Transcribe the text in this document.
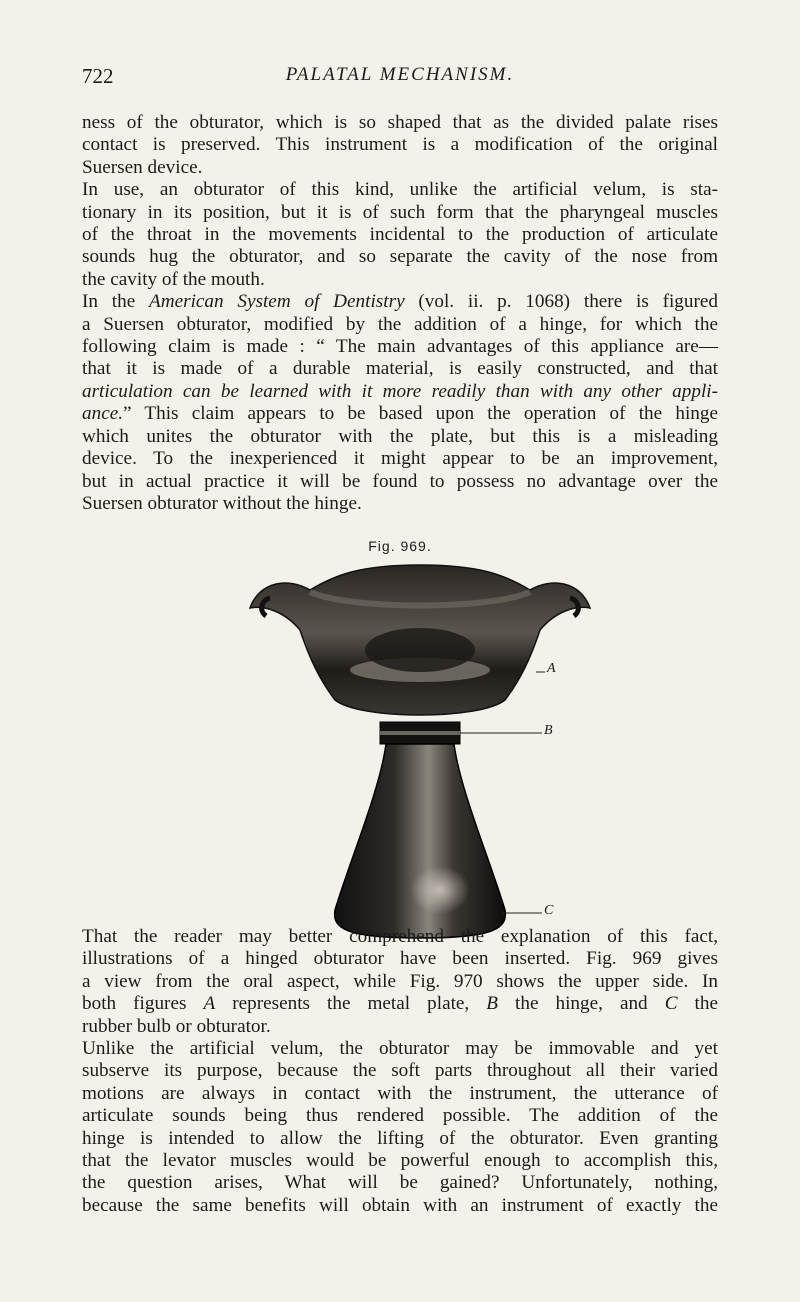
722	PALATAL MECHANISM.
ness of the obturator, which is so shaped that as the divided palate rises
contact is preserved. This instrument is a modification of the original
Suersen device.
In use, an obturator of this kind, unlike the artificial velum, is sta-
tionary in its position, but it is of such form that the pharyngeal muscles
of the throat in the movements incidental to the production of articulate
sounds hug the obturator, and so separate the cavity of the nose from
the cavity of the mouth.
In the American System of Dentistry (vol. ii. p. 1068) there is figured
a Suersen obturator, modified by the addition of a hinge, for which the
following claim is made : “ The main advantages of this appliance are—
that it is made of a durable material, is easily constructed, and that
articulation can be learned with it more readily than with any other appli-
ance.” This claim appears to be based upon the operation of the hinge
which unites the obturator with the plate, but this is a misleading
device. To the inexperienced it might appear to be an improvement,
but in actual practice it will be found to possess no advantage over the
Suersen obturator without the hinge.
Fig. 969.
A
B
C
That the reader may better comprehend the explanation of this fact,
illustrations of a hinged obturator have been inserted. Fig. 969 gives
a view from the oral aspect, while Fig. 970 shows the upper side. In
both figures A represents the metal plate, B the hinge, and C the
rubber bulb or obturator.
Unlike the artificial velum, the obturator may be immovable and yet
subserve its purpose, because the soft parts throughout all their varied
motions are always in contact with the instrument, the utterance of
articulate sounds being thus rendered possible. The addition of the
hinge is intended to allow the lifting of the obturator. Even granting
that the levator muscles would be powerful enough to accomplish this,
the question arises, What will be gained? Unfortunately, nothing,
because the same benefits will obtain with an instrument of exactly the
